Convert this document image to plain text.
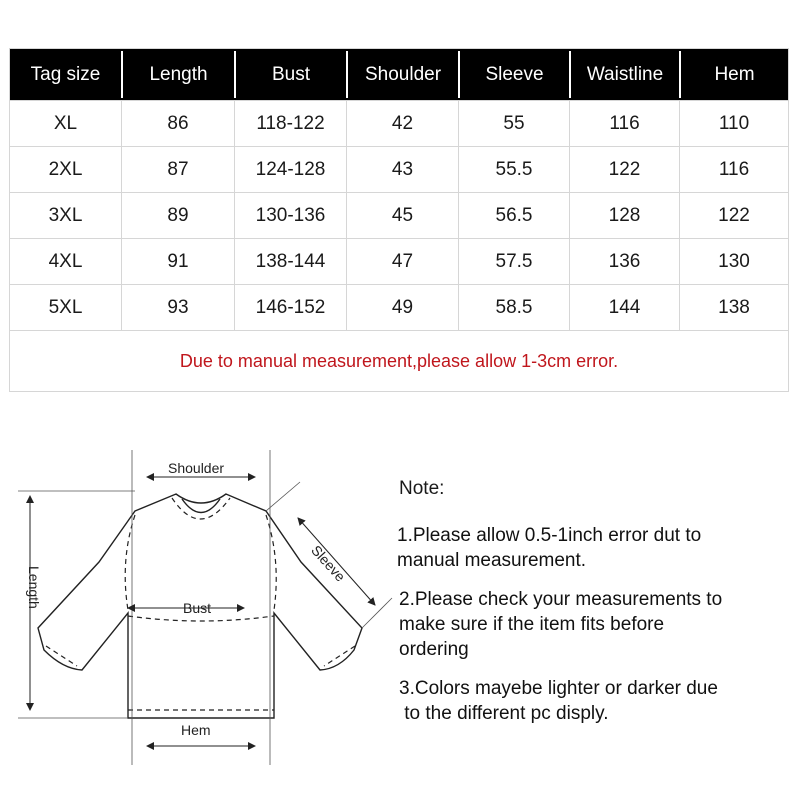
Tag size	Length	Bust	Shoulder	Sleeve	Waistline	Hem
XL	86	118-122	42	55	116	110
2XL	87	124-128	43	55.5	122	116
3XL	89	130-136	45	56.5	128	122
4XL	91	138-144	47	57.5	136	130
5XL	93	146-152	49	58.5	144	138
Due to manual measurement,please allow 1-3cm error.
Shoulder
Bust
Hem
Length
Sleeve
Note:
1.Please allow 0.5-1inch error dut to
manual measurement.
2.Please check your measurements to
make sure if the item fits before
ordering
3.Colors mayebe lighter or darker due
to the different pc disply.
